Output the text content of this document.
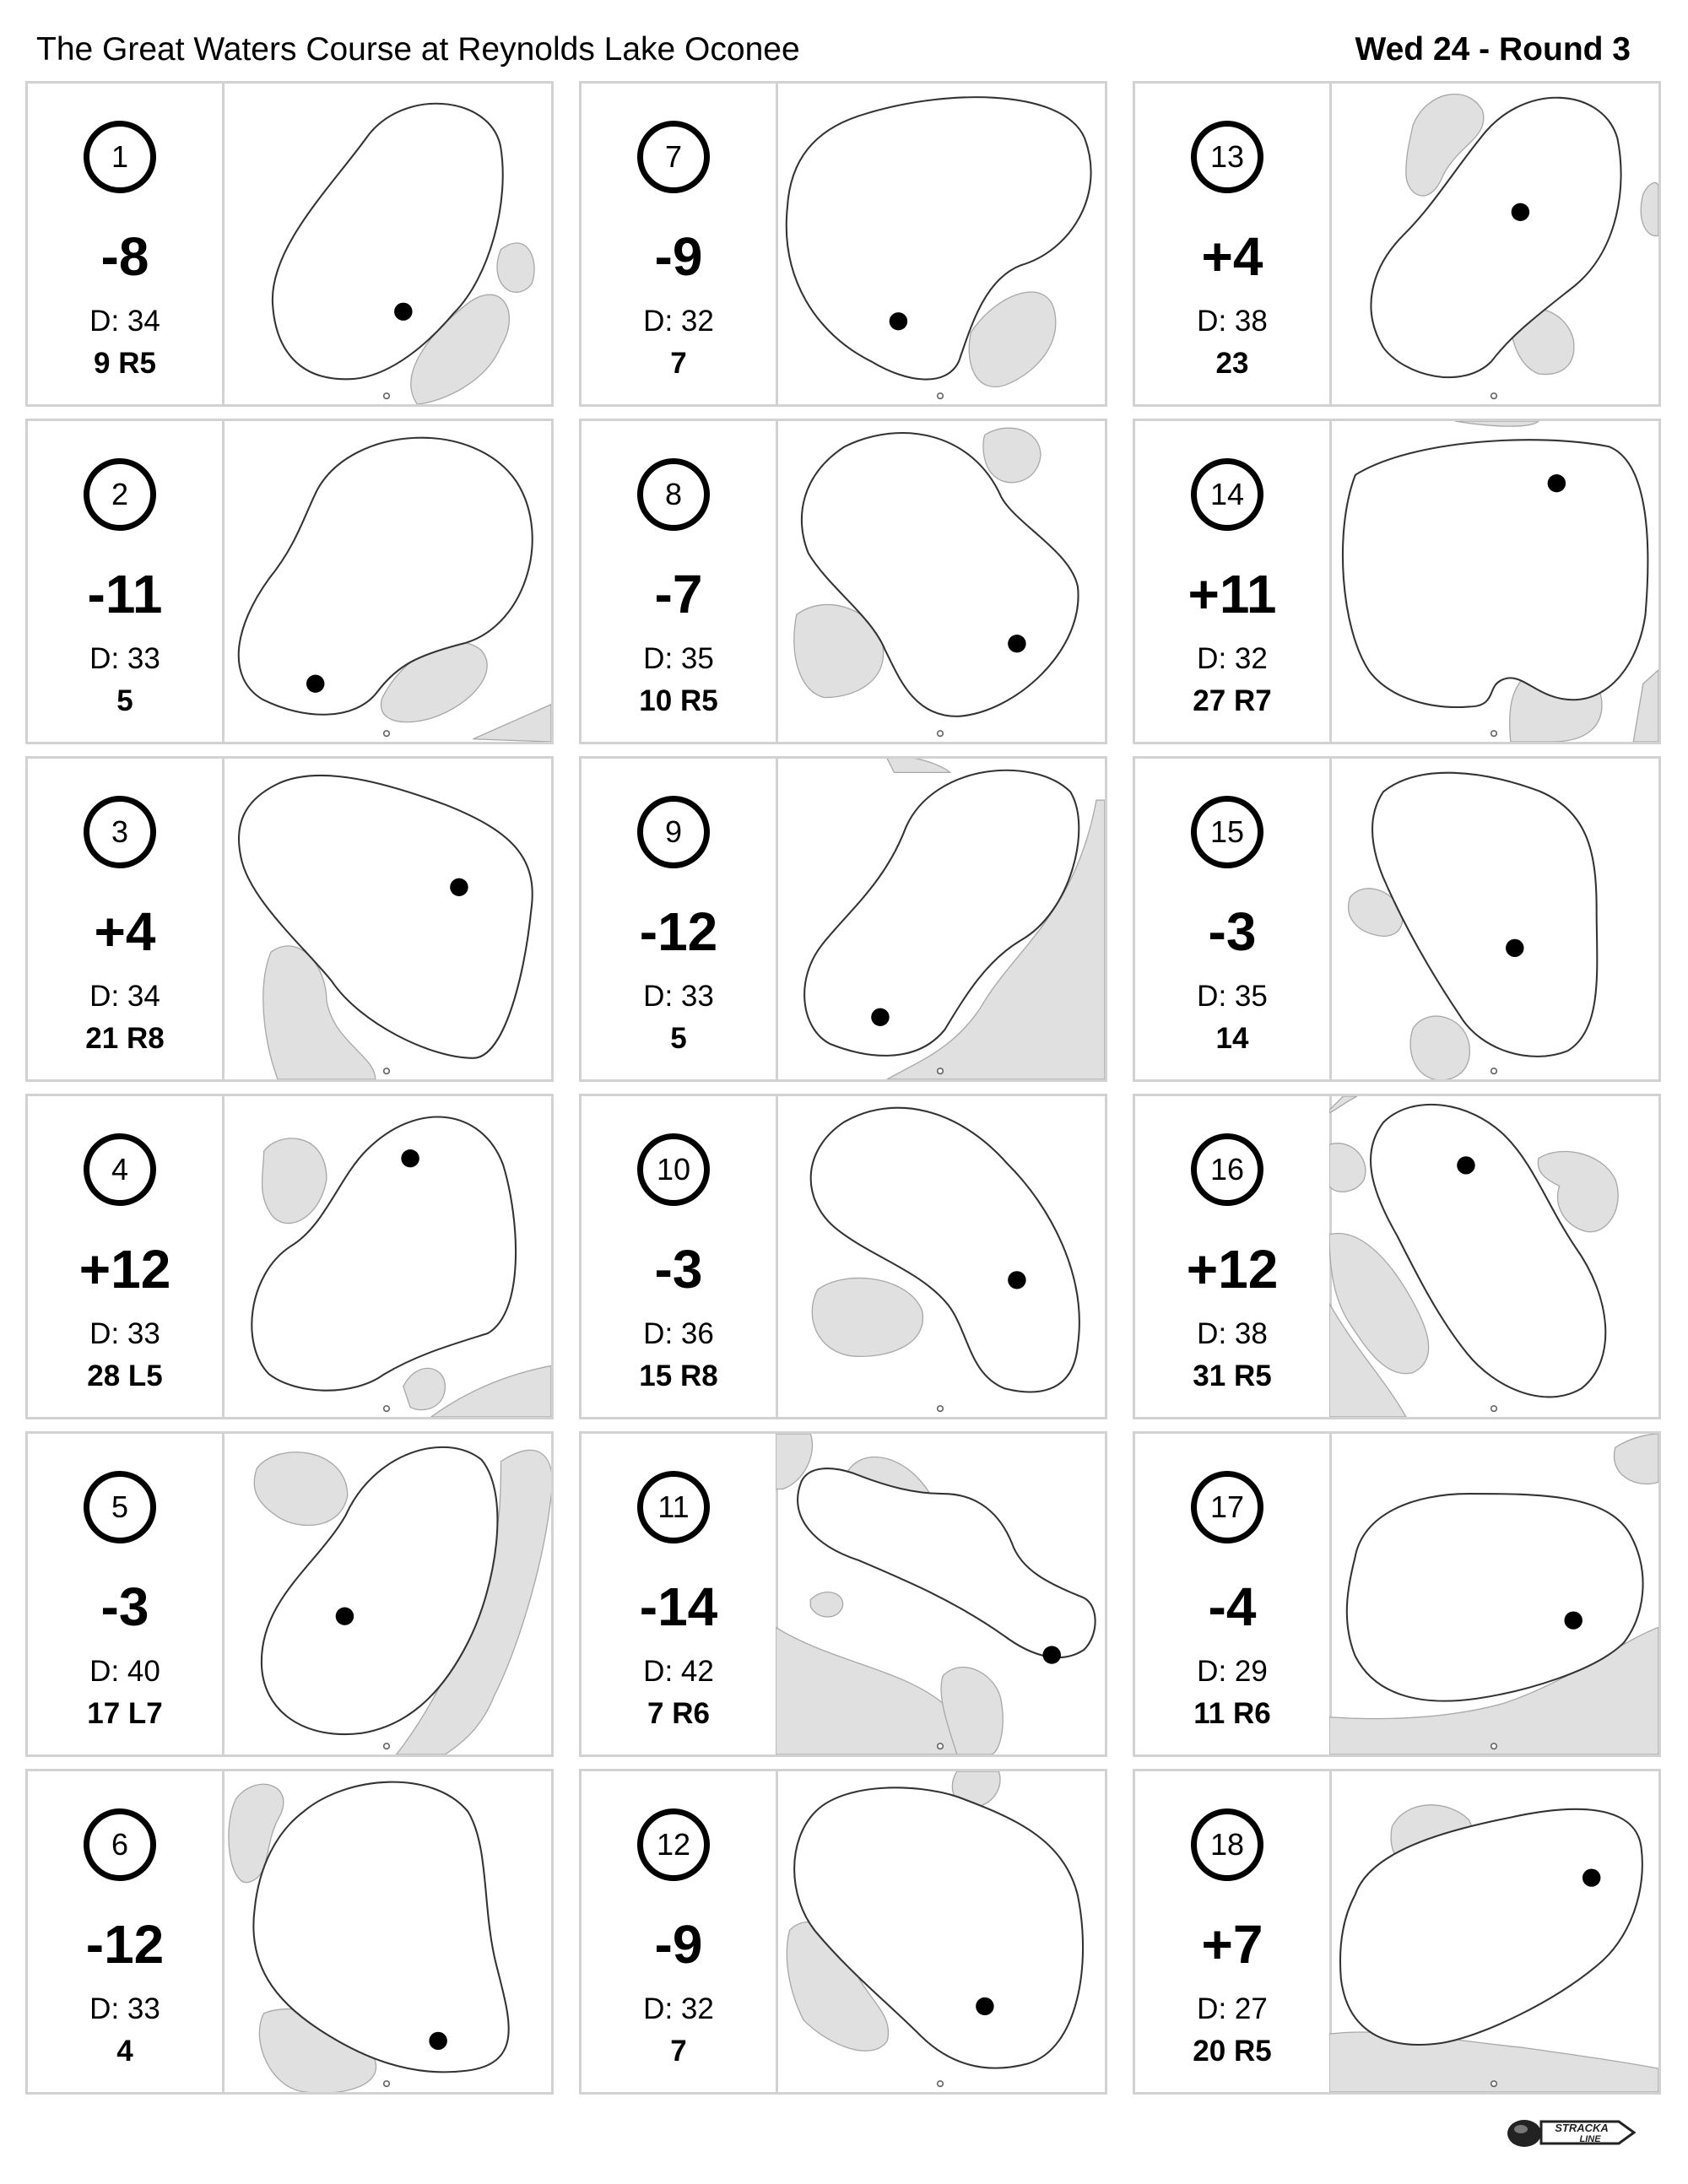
The Great Waters Course at Reynolds Lake Oconee	Wed 24 - Round 3
1
-8
D: 34
9 R5
2
-11
D: 33
5
3
+4
D: 34
21 R8
4
+12
D: 33
28 L5
5
-3
D: 40
17 L7
6
-12
D: 33
4
7
-9
D: 32
7
8
-7
D: 35
10 R5
9
-12
D: 33
5
10
-3
D: 36
15 R8
11
-14
D: 42
7 R6
12
-9
D: 32
7
13
+4
D: 38
23
14
+11
D: 32
27 R7
15
-3
D: 35
14
16
+12
D: 38
31 R5
17
-4
D: 29
11 R6
18
+7
D: 27
20 R5
STRACKA
LINE
